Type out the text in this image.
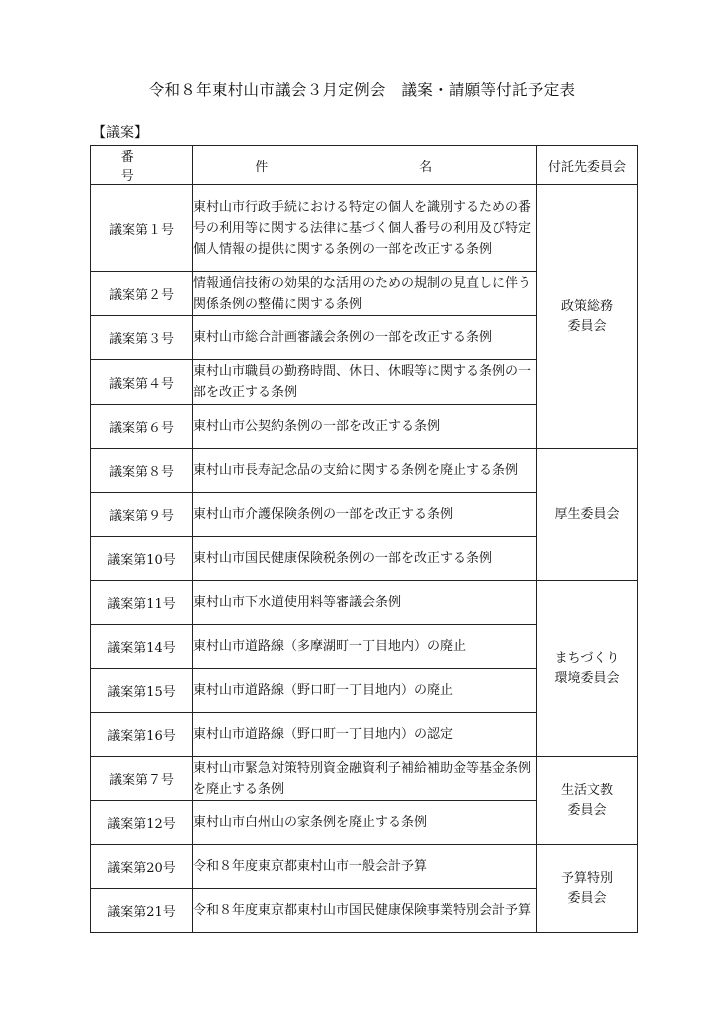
令和８年東村山市議会３月定例会　議案・請願等付託予定表
【議案】
番　号	件　　名	付託先委員会
議案第１号	東村山市行政手続における特定の個人を識別するための番号の利用等に関する法律に基づく個人番号の利用及び特定個人情報の提供に関する条例の一部を改正する条例	政策総務
委員会

議案第２号	情報通信技術の効果的な活用のための規制の見直しに伴う関係条例の整備に関する条例	
議案第３号	東村山市総合計画審議会条例の一部を改正する条例	
議案第４号	東村山市職員の勤務時間、休日、休暇等に関する条例の一部を改正する条例	
議案第６号	東村山市公契約条例の一部を改正する条例	
議案第８号	東村山市長寿記念品の支給に関する条例を廃止する条例	厚生委員会

議案第９号	東村山市介護保険条例の一部を改正する条例	
議案第10号	東村山市国民健康保険税条例の一部を改正する条例	
議案第11号	東村山市下水道使用料等審議会条例	まちづくり
環境委員会

議案第14号	東村山市道路線（多摩湖町一丁目地内）の廃止	
議案第15号	東村山市道路線（野口町一丁目地内）の廃止	
議案第16号	東村山市道路線（野口町一丁目地内）の認定	
議案第７号	東村山市緊急対策特別資金融資利子補給補助金等基金条例を廃止する条例	生活文教
委員会

議案第12号	東村山市白州山の家条例を廃止する条例	
議案第20号	令和８年度東京都東村山市一般会計予算	予算特別
委員会

議案第21号	令和８年度東京都東村山市国民健康保険事業特別会計予算	
